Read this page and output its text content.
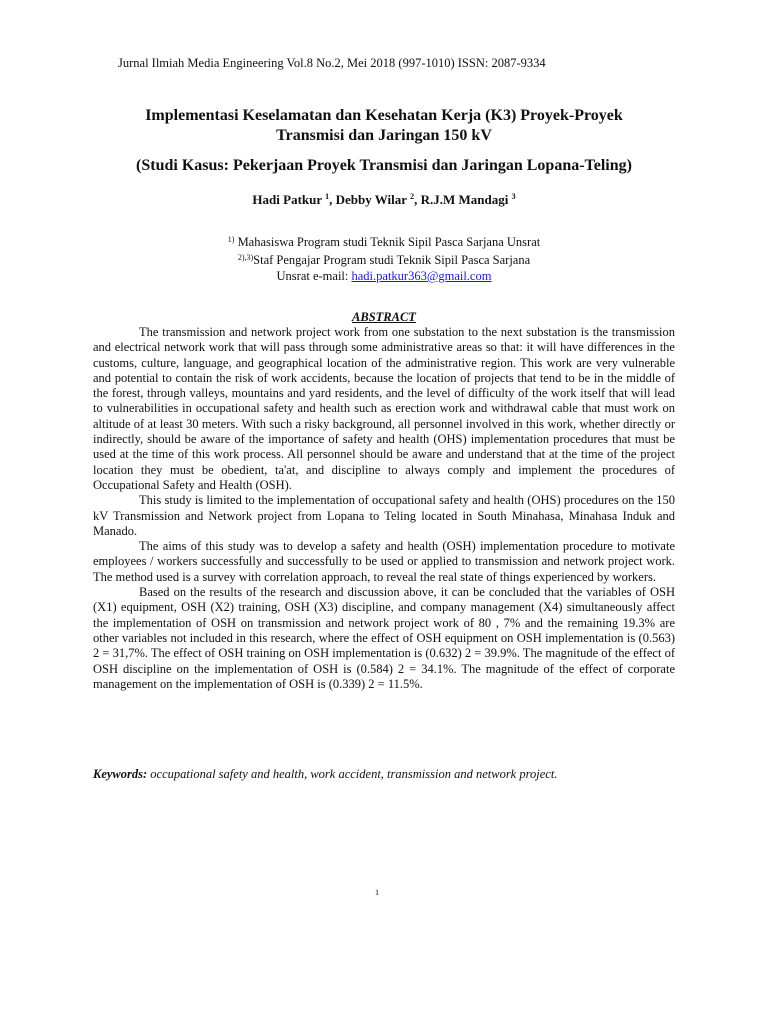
Jurnal Ilmiah Media Engineering Vol.8 No.2, Mei 2018 (997-1010) ISSN: 2087-9334
Implementasi Keselamatan dan Kesehatan Kerja (K3) Proyek-Proyek
Transmisi dan Jaringan 150 kV
(Studi Kasus: Pekerjaan Proyek Transmisi dan Jaringan Lopana-Teling)
Hadi Patkur $^1$, Debby Wilar $^2$, R.J.M Mandagi $^3$
$^{1)}$ Mahasiswa Program studi Teknik Sipil Pasca Sarjana Unsrat
$^{2),3)}$Staf Pengajar Program studi Teknik Sipil Pasca Sarjana
Unsrat e-mail: hadi.patkur363@gmail.com
ABSTRACT

The transmission and network project work from one substation to the next substation is the transmission and electrical network work that will pass through some administrative areas so that: it will have differences in the customs, culture, language, and geographical location of the administrative region. This work are very vulnerable and potential to contain the risk of work accidents, because the location of projects that tend to be in the middle of the forest, through valleys, mountains and yard residents, and the level of difficulty of the work itself that will lead to vulnerabilities in occupational safety and health such as erection work and withdrawal cable that must work on altitude of at least 30 meters. With such a risky background, all personnel involved in this work, whether directly or indirectly, should be aware of the importance of safety and health (OHS) implementation procedures that must be used at the time of this work process. All personnel should be aware and understand that at the time of the project location they must be obedient, ta'at, and discipline to always comply and implement the procedures of Occupational Safety and Health (OSH).

This study is limited to the implementation of occupational safety and health (OHS) procedures on the 150 kV Transmission and Network project from Lopana to Teling located in South Minahasa, Minahasa Induk and Manado.

The aims of this study was to develop a safety and health (OSH) implementation procedure to motivate employees / workers successfully and successfully to be used or applied to transmission and network project work. The method used is a survey with correlation approach, to reveal the real state of things experienced by workers.

Based on the results of the research and discussion above, it can be concluded that the variables of OSH (X1) equipment, OSH (X2) training, OSH (X3) discipline, and company management (X4) simultaneously affect the implementation of OSH on transmission and network project work of 80 , 7% and the remaining 19.3% are other variables not included in this research, where the effect of OSH equipment on OSH implementation is (0.563) 2 = 31,7%. The effect of OSH training on OSH implementation is (0.632) 2 = 39.9%. The magnitude of the effect of OSH discipline on the implementation of OSH is (0.584) 2 = 34.1%. The magnitude of the effect of corporate management on the implementation of OSH is (0.339) 2 = 11.5%.

Keywords: occupational safety and health, work accident, transmission and network project.
1
